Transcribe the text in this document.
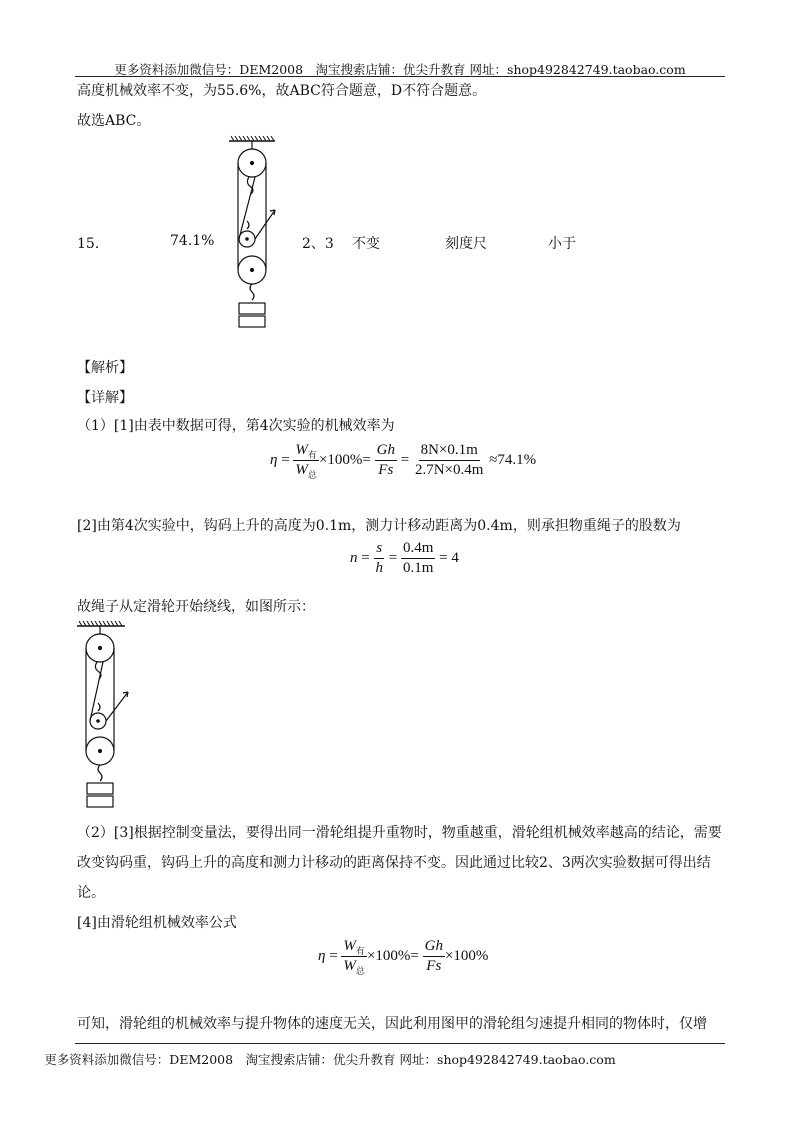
更多资料添加微信号：DEM2008　淘宝搜索店铺：优尖升教育 网址：shop492842749.taobao.com
高度机械效率不变，为55.6%，故ABC符合题意，D不符合题意。
故选ABC。
15．	74.1%	2、3 不变	刻度尺	小于
【解析】
【详解】
（1）[1]由表中数据可得，第4次实验的机械效率为
$\eta = \frac{W_有}{W_总} \times 100\%= \frac{Gh}{Fs} = \frac{8N\times 0.1m}{2.7N\times 0.4m} \approx 74.1\%$
[2]由第4次实验中，钩码上升的高度为0.1m，测力计移动距离为0.4m，则承担物重绳子的股数为
$n = \frac{s}{h} = \frac{0.4m}{0.1m} = 4$
故绳子从定滑轮开始绕线，如图所示：
（2）[3]根据控制变量法，要得出同一滑轮组提升重物时，物重越重，滑轮组机械效率越高的结论，需要
改变钩码重，钩码上升的高度和测力计移动的距离保持不变。因此通过比较2、3两次实验数据可得出结
论。
[4]由滑轮组机械效率公式
$\eta = \frac{W_有}{W_总} \times 100\%= \frac{Gh}{Fs} \times 100\%$
可知，滑轮组的机械效率与提升物体的速度无关，因此利用图甲的滑轮组匀速提升相同的物体时，仅增
更多资料添加微信号：DEM2008　淘宝搜索店铺：优尖升教育 网址：shop492842749.taobao.com
